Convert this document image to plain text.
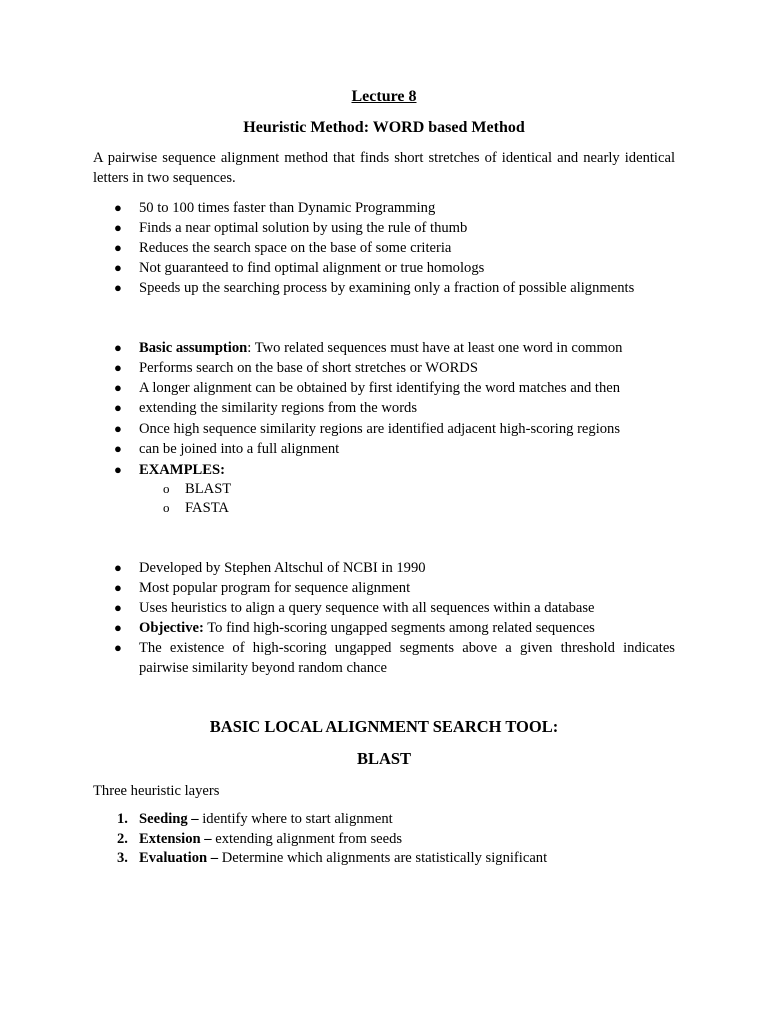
Lecture 8

Heuristic Method: WORD based Method

A pairwise sequence alignment method that finds short stretches of identical and nearly identical letters in two sequences.

● 50 to 100 times faster than Dynamic Programming
● Finds a near optimal solution by using the rule of thumb
● Reduces the search space on the base of some criteria
● Not guaranteed to find optimal alignment or true homologs
● Speeds up the searching process by examining only a fraction of possible alignments
● Basic assumption: Two related sequences must have at least one word in common
● Performs search on the base of short stretches or WORDS
● A longer alignment can be obtained by first identifying the word matches and then
● extending the similarity regions from the words
● Once high sequence similarity regions are identified adjacent high-scoring regions
● can be joined into a full alignment
● EXAMPLES:
o BLAST
o FASTA
● Developed by Stephen Altschul of NCBI in 1990
● Most popular program for sequence alignment
● Uses heuristics to align a query sequence with all sequences within a database
● Objective: To find high-scoring ungapped segments among related sequences
● The existence of high-scoring ungapped segments above a given threshold indicates pairwise similarity beyond random chance

BASIC LOCAL ALIGNMENT SEARCH TOOL:

BLAST

Three heuristic layers

1. Seeding – identify where to start alignment
2. Extension – extending alignment from seeds
3. Evaluation – Determine which alignments are statistically significant
